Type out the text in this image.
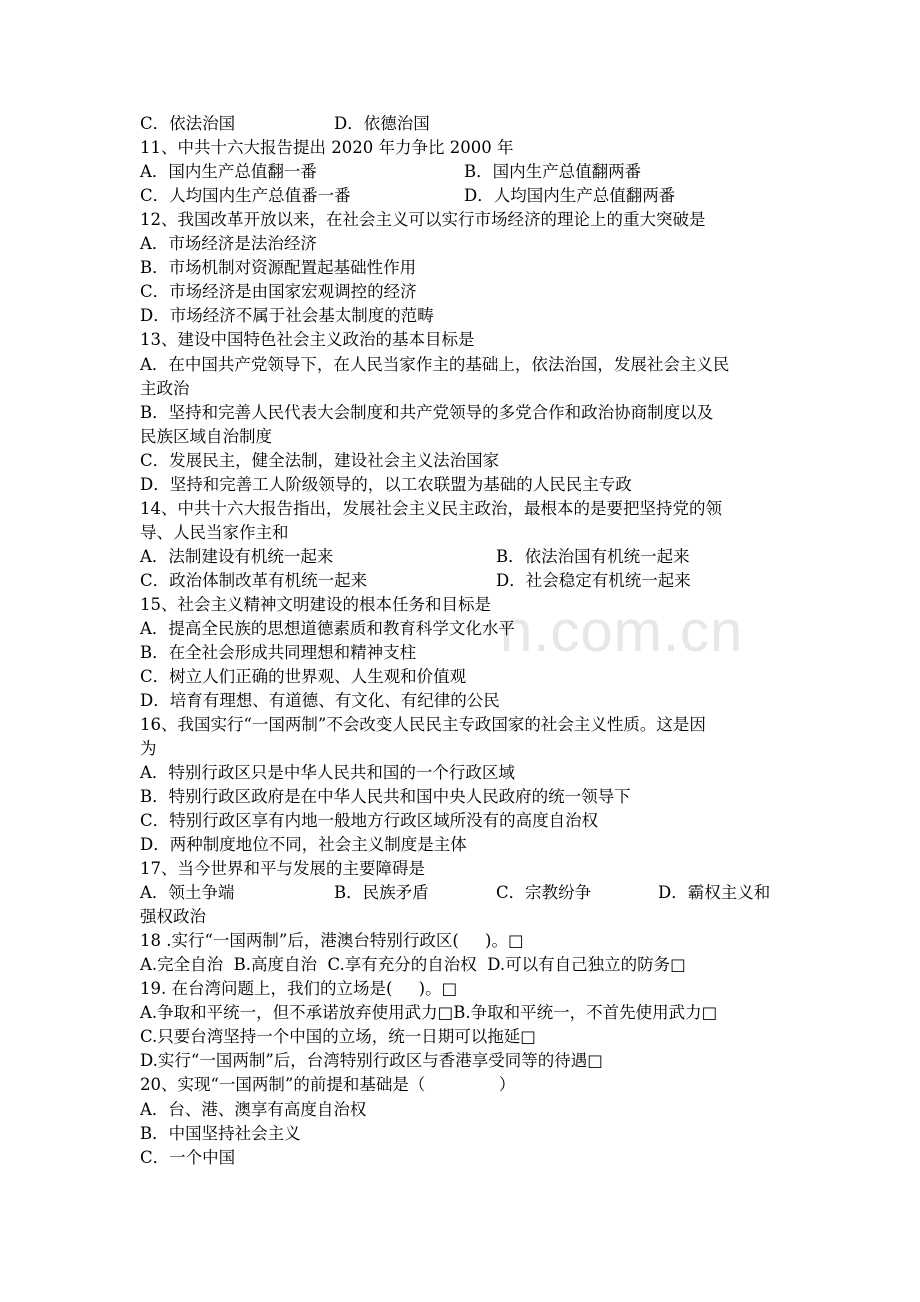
n.com.cn
C．依法治国	D．依德治国
11、中共十六大报告提出 2020 年力争比 2000 年
A．国内生产总值翻一番	B．国内生产总值翻两番
C．人均国内生产总值番一番	D．人均国内生产总值翻两番
12、我国改革开放以来，在社会主义可以实行市场经济的理论上的重大突破是
A．市场经济是法治经济
B．市场机制对资源配置起基础性作用
C．市场经济是由国家宏观调控的经济
D．市场经济不属于社会基太制度的范畴
13、建设中国特色社会主义政治的基本目标是
A．在中国共产党领导下，在人民当家作主的基础上，依法治国，发展社会主义民
主政治
B．坚持和完善人民代表大会制度和共产党领导的多党合作和政治协商制度以及
民族区域自治制度
C．发展民主，健全法制，建设社会主义法治国家
D．坚持和完善工人阶级领导的，以工农联盟为基础的人民民主专政
14、中共十六大报告指出，发展社会主义民主政治，最根本的是要把坚持党的领
导、人民当家作主和
A．法制建设有机统一起来	B．依法治国有机统一起来
C．政治体制改革有机统一起来	D．社会稳定有机统一起来
15、社会主义精神文明建设的根本任务和目标是
A．提高全民族的思想道德素质和教育科学文化水平
B．在全社会形成共同理想和精神支柱
C．树立人们正确的世界观、人生观和价值观
D．培育有理想、有道德、有文化、有纪律的公民
16、我国实行“一国两制”不会改变人民民主专政国家的社会主义性质。这是因
为
A．特别行政区只是中华人民共和国的一个行政区域
B．特别行政区政府是在中华人民共和国中央人民政府的统一领导下
C．特别行政区享有内地一般地方行政区域所没有的高度自治权
D．两种制度地位不同，社会主义制度是主体
17、当今世界和平与发展的主要障碍是
A．领土争端	B．民族矛盾	C．宗教纷争	D．霸权主义和
强权政治
18 .实行“一国两制”后，港澳台特别行政区(     )。□
A.完全自治  B.高度自治  C.享有充分的自治权  D.可以有自己独立的防务□
19. 在台湾问题上，我们的立场是(     )。□
A.争取和平统一，但不承诺放弃使用武力□B.争取和平统一，不首先使用武力□
C.只要台湾坚持一个中国的立场，统一日期可以拖延□
D.实行“一国两制”后，台湾特别行政区与香港享受同等的待遇□
20、实现“一国两制”的前提和基础是（              ）
A．台、港、澳享有高度自治权
B．中国坚持社会主义
C．一个中国
